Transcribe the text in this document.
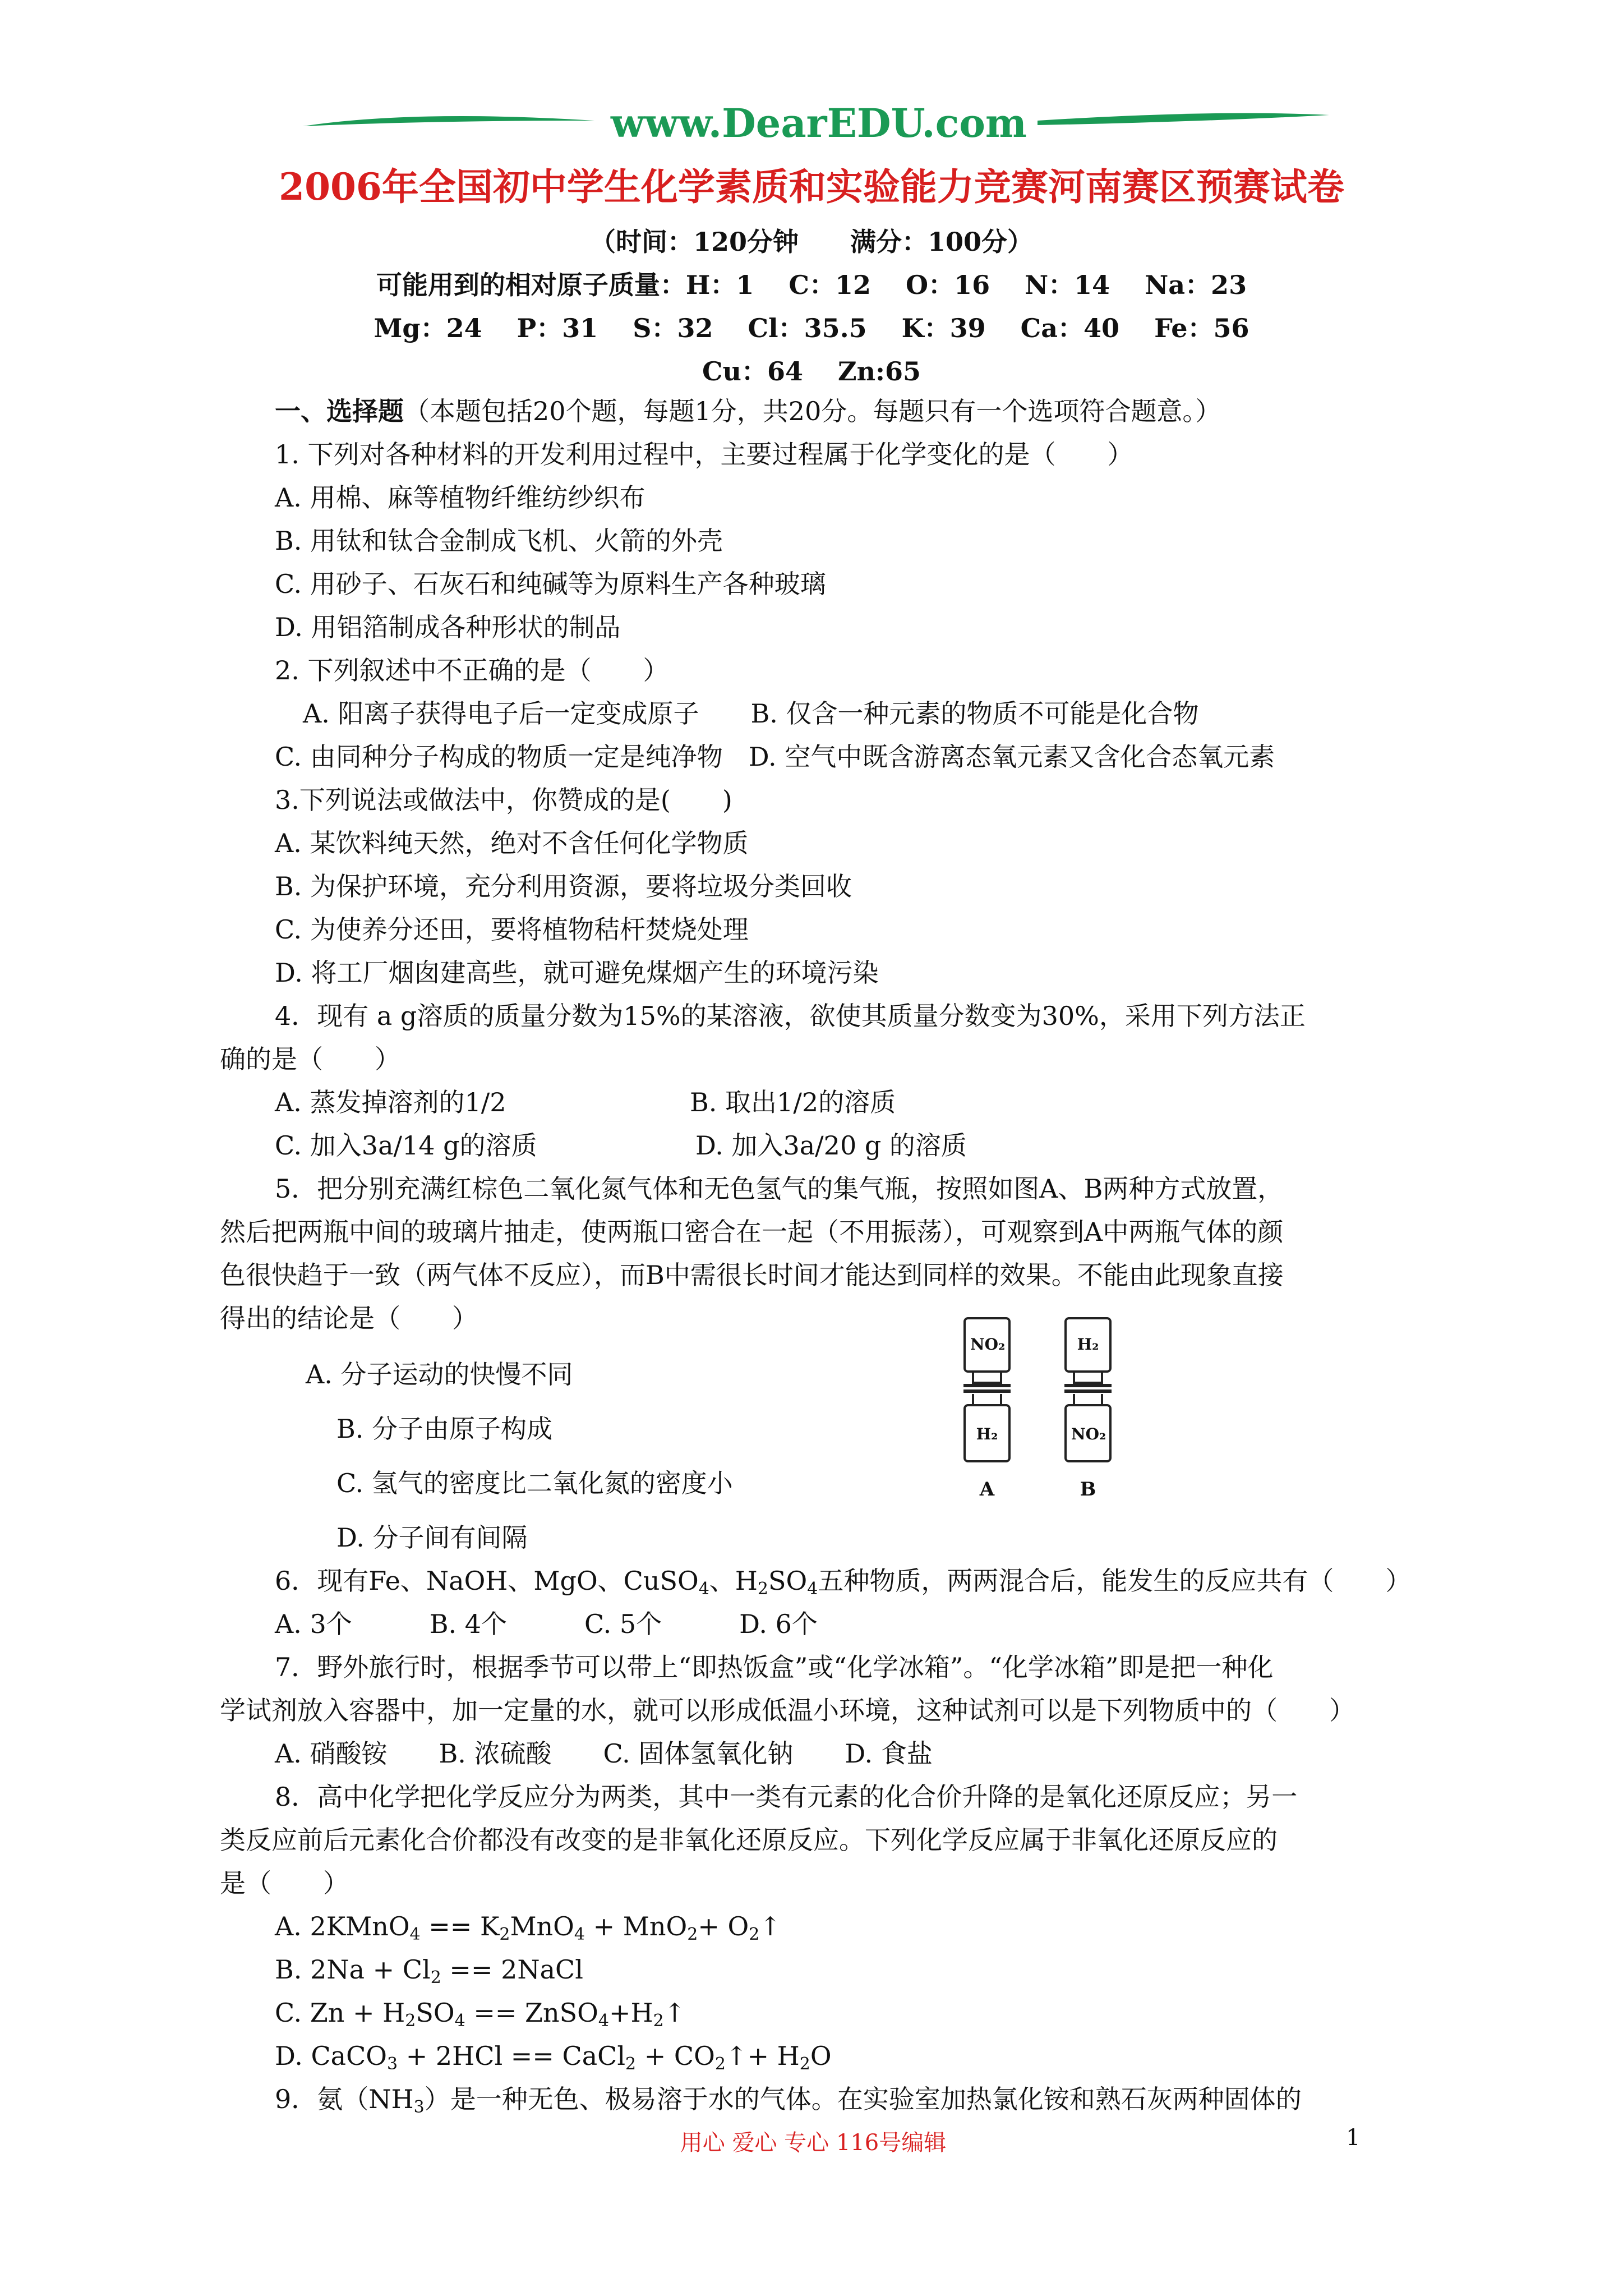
www.DearEDU.com
2006年全国初中学生化学素质和实验能力竞赛河南赛区预赛试卷
（时间：120分钟　　满分：100分）
可能用到的相对原子质量：H：1　 C：12　 O：16　 N：14　 Na：23
Mg：24　 P：31　 S：32　 Cl：35.5　 K：39　 Ca：40　 Fe：56
Cu：64　 Zn:65
一、选择题（本题包括20个题，每题1分，共20分。每题只有一个选项符合题意。）
1. 下列对各种材料的开发利用过程中，主要过程属于化学变化的是（　　）
A. 用棉、麻等植物纤维纺纱织布
B. 用钛和钛合金制成飞机、火箭的外壳
C. 用砂子、石灰石和纯碱等为原料生产各种玻璃
D. 用铝箔制成各种形状的制品
2. 下列叙述中不正确的是（　　）
A. 阳离子获得电子后一定变成原子　　B. 仅含一种元素的物质不可能是化合物
C. 由同种分子构成的物质一定是纯净物　D. 空气中既含游离态氧元素又含化合态氧元素
3.下列说法或做法中，你赞成的是(　　)
A. 某饮料纯天然，绝对不含任何化学物质
B. 为保护环境，充分利用资源，要将垃圾分类回收
C. 为使养分还田，要将植物秸杆焚烧处理
D. 将工厂烟囱建高些，就可避免煤烟产生的环境污染
4．现有 a g溶质的质量分数为15%的某溶液，欲使其质量分数变为30%，采用下列方法正
确的是（　　）
A. 蒸发掉溶剂的1/2	B. 取出1/2的溶质
C. 加入3a/14 g的溶质	D. 加入3a/20 g 的溶质
5．把分别充满红棕色二氧化氮气体和无色氢气的集气瓶，按照如图A、B两种方式放置，
然后把两瓶中间的玻璃片抽走，使两瓶口密合在一起（不用振荡），可观察到A中两瓶气体的颜
色很快趋于一致（两气体不反应），而B中需很长时间才能达到同样的效果。不能由此现象直接
得出的结论是（　　）
A. 分子运动的快慢不同
B. 分子由原子构成
C. 氢气的密度比二氧化氮的密度小
D. 分子间有间隔
NO₂
H₂
H₂
NO₂
A	B
6．现有Fe、NaOH、MgO、CuSO$_4$、$H_2SO_4$五种物质，两两混合后，能发生的反应共有（　　）
A. 3个　　　B. 4个　　　C. 5个　　　D. 6个
7．野外旅行时，根据季节可以带上“即热饭盒”或“化学冰箱”。“化学冰箱”即是把一种化
学试剂放入容器中，加一定量的水，就可以形成低温小环境，这种试剂可以是下列物质中的（　　）
A. 硝酸铵　　B. 浓硫酸　　C. 固体氢氧化钠　　D. 食盐
8．高中化学把化学反应分为两类，其中一类有元素的化合价升降的是氧化还原反应；另一
类反应前后元素化合价都没有改变的是非氧化还原反应。下列化学反应属于非氧化还原反应的
是（　　）
A. 2KMnO$_4$ == $K_2MnO_4 + MnO_2+$ $O_2↑$
B. $2Na + Cl_2$ == 2NaCl
C. $Zn + H_2SO_4$ == $ZnSO_4+H_2↑$
D. CaCO$_3$ + 2HCl == CaCl$_2$ + $CO_2↑+ H_2O$
9．氨$(NH_3)$是一种无色、极易溶于水的气体。在实验室加热氯化铵和熟石灰两种固体的
用心 爱心 专心 116号编辑	1
